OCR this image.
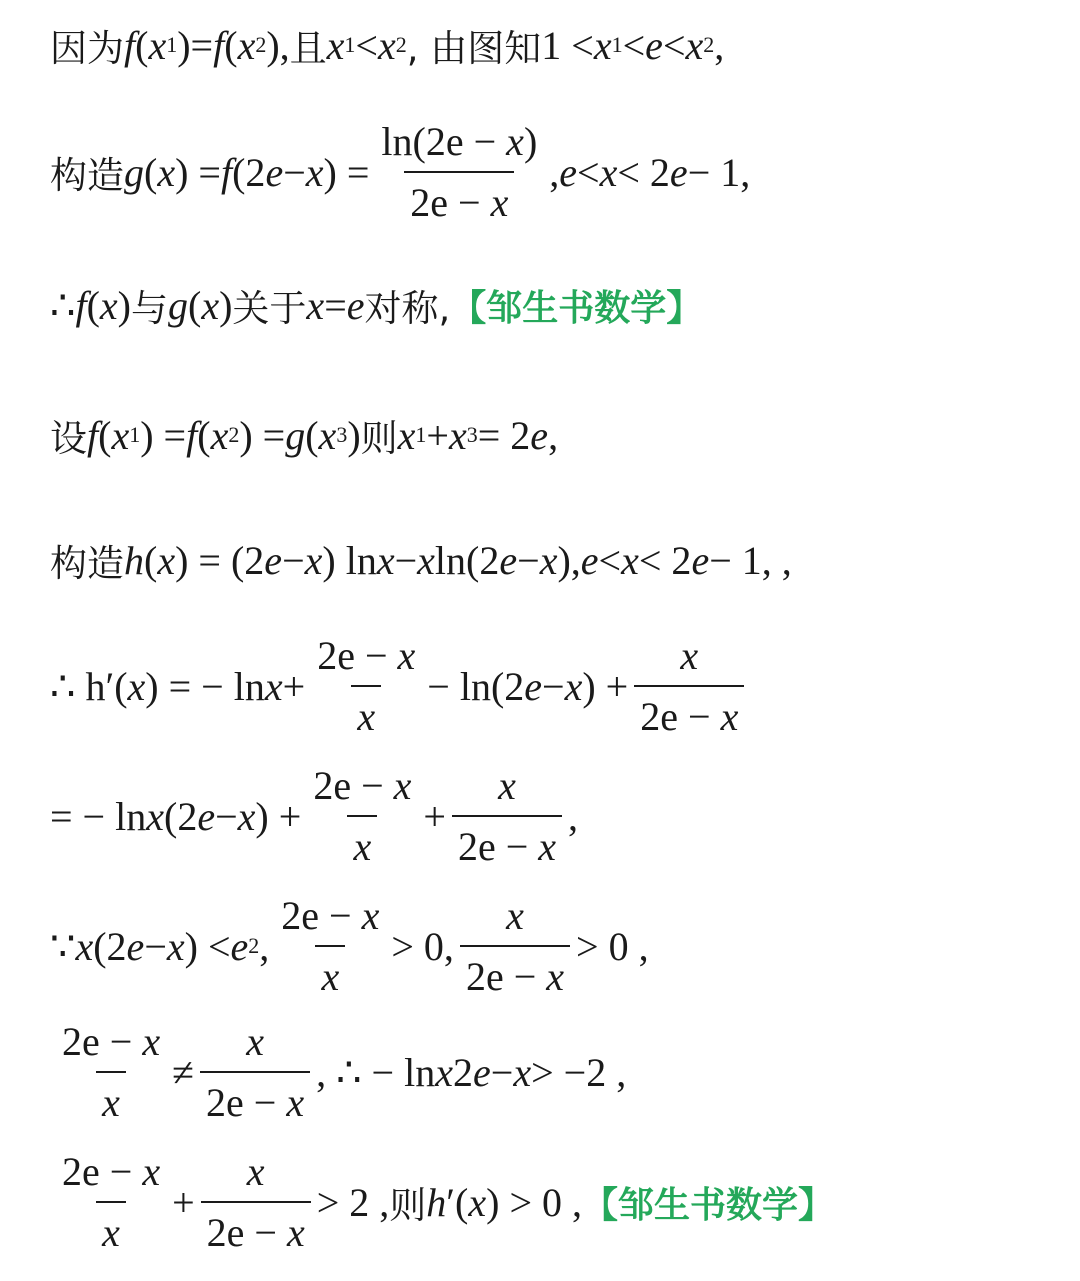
因为 f ( x 1 ) = f ( x 2 ), 且 x 1 < x 2 , 由图知 1 < x 1 < e < x 2 ,
构造 g ( x ) = f (2 e − x ) = $\frac{\ln(2e - x)}{2e - x}$ , e < x < 2 e − 1,
∴ f ( x ) 与 g ( x ) 关于 x = e 对称, 【邹生书数学】
设 f ( x 1 ) = f ( x 2 ) = g ( x 3 ) 则 x 1 + x 3 = 2 e ,
构造 h ( x ) = (2 e − x ) ln x − x ln(2 e − x ), e < x < 2 e − 1, ,
∴ h′( x ) = − $\ln x + \frac{2e - x}{x} - \ln(2$ e − x ) + $\frac{x}{2e - x}$
= − ln x (2 e − x ) + $\frac{2e - x}{x} + \frac{x}{2e - x}$ ,
∵ x (2 e − x ) < e 2 , $\frac{2e - x}{x} > 0$, $\frac{x}{2e - x} > 0$ ,
$\frac{2e - x}{x} \ne \frac{x}{2e - x}$ , ∴ − ln x 2 e − x > −2 ,
$\frac{2e - x}{x} + \frac{x}{2e - x} > 2$ , 则 h ′( x ) > 0 , 【邹生书数学】
